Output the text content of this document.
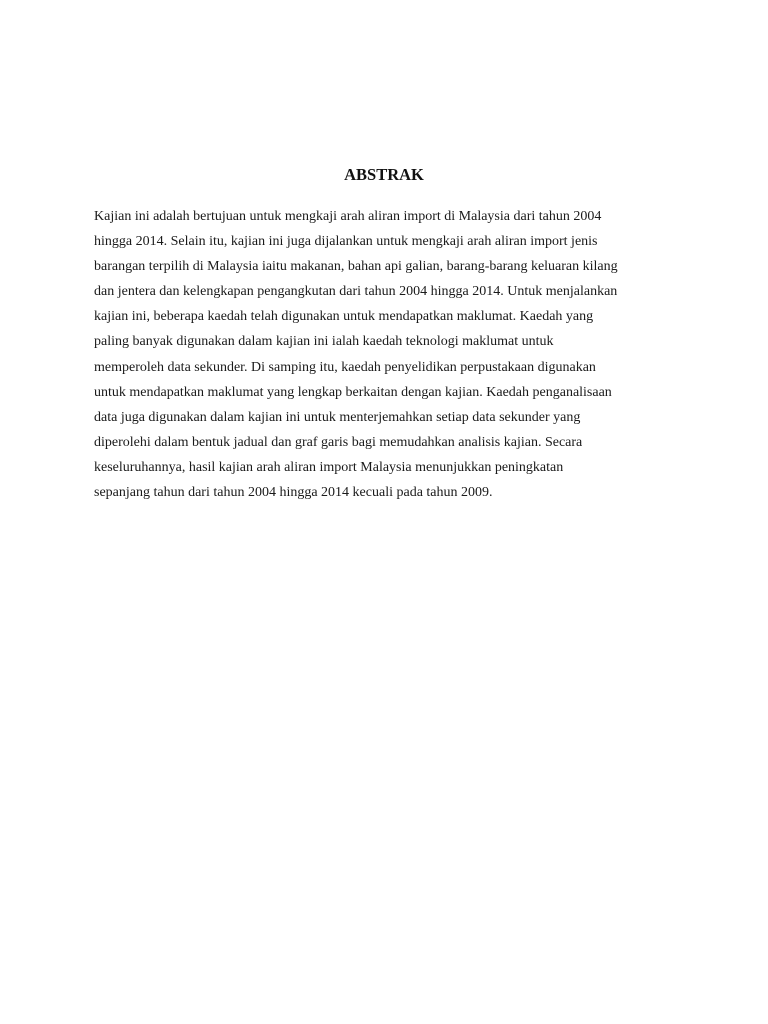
ABSTRAK

Kajian ini adalah bertujuan untuk mengkaji arah aliran import di Malaysia dari tahun 2004
hingga 2014. Selain itu, kajian ini juga dijalankan untuk mengkaji arah aliran import jenis
barangan terpilih di Malaysia iaitu makanan, bahan api galian, barang-barang keluaran kilang
dan jentera dan kelengkapan pengangkutan dari tahun 2004 hingga 2014. Untuk menjalankan
kajian ini, beberapa kaedah telah digunakan untuk mendapatkan maklumat. Kaedah yang
paling banyak digunakan dalam kajian ini ialah kaedah teknologi maklumat untuk
memperoleh data sekunder. Di samping itu, kaedah penyelidikan perpustakaan digunakan
untuk mendapatkan maklumat yang lengkap berkaitan dengan kajian. Kaedah penganalisaan
data juga digunakan dalam kajian ini untuk menterjemahkan setiap data sekunder yang
diperolehi dalam bentuk jadual dan graf garis bagi memudahkan analisis kajian. Secara
keseluruhannya, hasil kajian arah aliran import Malaysia menunjukkan peningkatan
sepanjang tahun dari tahun 2004 hingga 2014 kecuali pada tahun 2009.
